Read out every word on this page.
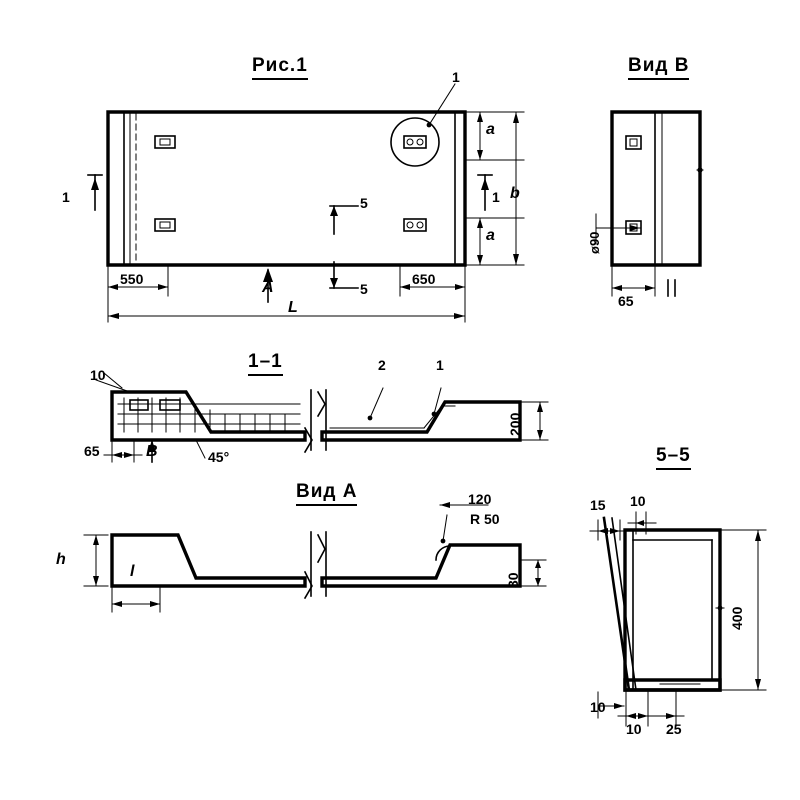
Рис.1	Вид В
1–1
Вид А
5–5
1
1	1
5
5
А
550	650
L
a
a
b
ø90
65
10
65	В	45°
2	1
200
h
l
120
R 50
30
15 10
400
10
10 25
